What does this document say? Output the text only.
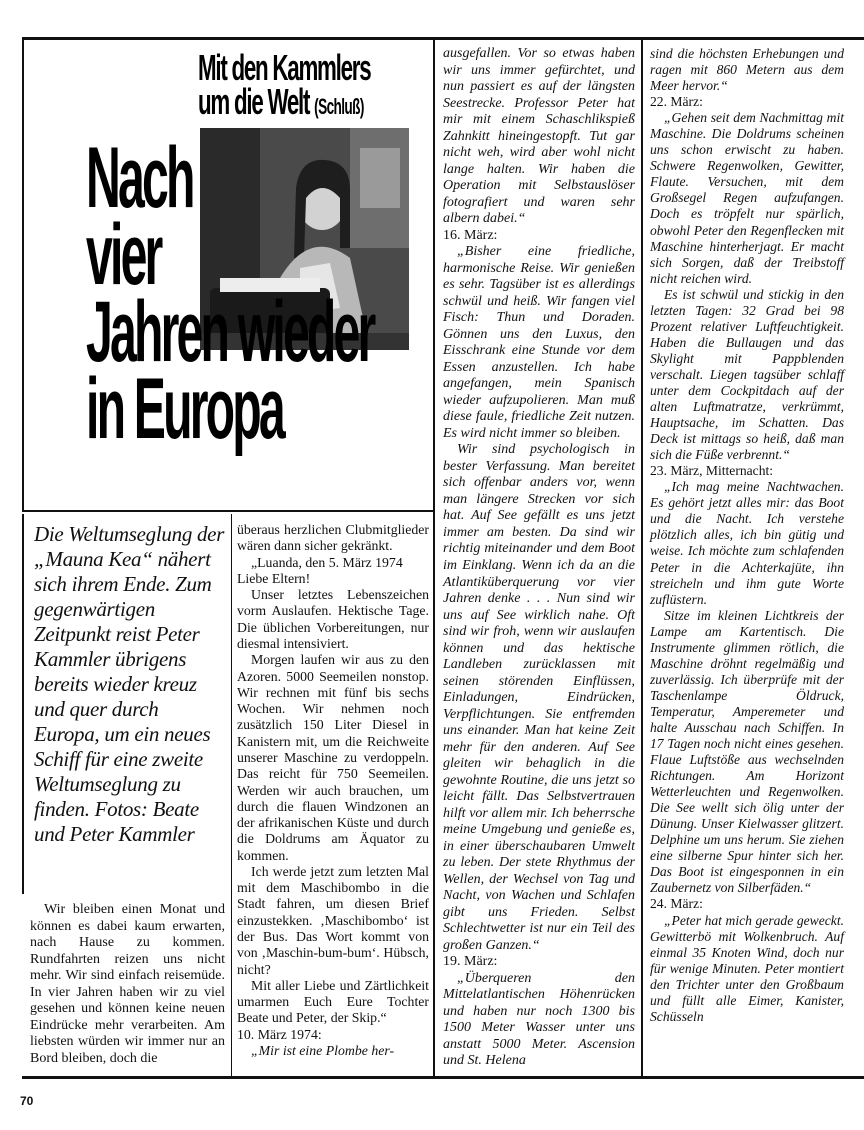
Mit den Kammlers
um die Welt (Schluß)
Nach
vier
Jahren wieder
in Europa

Die Weltumseglung der „Mauna Kea“ nähert sich ihrem Ende. Zum gegenwärtigen Zeitpunkt reist Peter Kammler übrigens bereits wieder kreuz und quer durch Europa, um ein neues Schiff für eine zweite Weltumseglung zu finden. Fotos: Beate und Peter Kammler

Wir bleiben einen Monat und können es dabei kaum erwarten, nach Hause zu kommen. Rundfahrten reizen uns nicht mehr. Wir sind einfach reisemüde. In vier Jahren haben wir zu viel gesehen und können keine neuen Eindrücke mehr verarbeiten. Am liebsten würden wir immer nur an Bord bleiben, doch die

überaus herzlichen Clubmitglieder wären dann sicher gekränkt.

„Luanda, den 5. März 1974

Liebe Eltern!

Unser letztes Lebenszeichen vorm Auslaufen. Hektische Tage. Die üblichen Vorbereitungen, nur diesmal intensiviert.

Morgen laufen wir aus zu den Azoren. 5000 Seemeilen nonstop. Wir rechnen mit fünf bis sechs Wochen. Wir nehmen noch zusätzlich 150 Liter Diesel in Kanistern mit, um die Reichweite unserer Maschine zu verdoppeln. Das reicht für 750 Seemeilen. Werden wir auch brauchen, um durch die flauen Windzonen an der afrikanischen Küste und durch die Doldrums am Äquator zu kommen.

Ich werde jetzt zum letzten Mal mit dem Maschibombo in die Stadt fahren, um diesen Brief einzustekken. ‚Maschibombo‘ ist der Bus. Das Wort kommt von von ‚Maschin-bum-bum‘. Hübsch, nicht?

Mit aller Liebe und Zärtlichkeit umarmen Euch Eure Tochter Beate und Peter, der Skip.“

10. März 1974:

„Mir ist eine Plombe her-

ausgefallen. Vor so etwas haben wir uns immer gefürchtet, und nun passiert es auf der längsten Seestrecke. Professor Peter hat mir mit einem Schaschlikspieß Zahnkitt hineingestopft. Tut gar nicht weh, wird aber wohl nicht lange halten. Wir haben die Operation mit Selbstauslöser fotografiert und waren sehr albern dabei.“

16. März:

„Bisher eine friedliche, harmonische Reise. Wir genießen es sehr. Tagsüber ist es allerdings schwül und heiß. Wir fangen viel Fisch: Thun und Doraden. Gönnen uns den Luxus, den Eisschrank eine Stunde vor dem Essen anzustellen. Ich habe angefangen, mein Spanisch wieder aufzupolieren. Man muß diese faule, friedliche Zeit nutzen. Es wird nicht immer so bleiben.

Wir sind psychologisch in bester Verfassung. Man bereitet sich offenbar anders vor, wenn man längere Strecken vor sich hat. Auf See gefällt es uns jetzt immer am besten. Da sind wir richtig miteinander und dem Boot im Einklang. Wenn ich da an die Atlantiküberquerung vor vier Jahren denke . . . Nun sind wir uns auf See wirklich nahe. Oft sind wir froh, wenn wir auslaufen können und das hektische Landleben zurücklassen mit seinen störenden Einflüssen, Einladungen, Eindrücken, Verpflichtungen. Sie entfremden uns einander. Man hat keine Zeit mehr für den anderen. Auf See gleiten wir behaglich in die gewohnte Routine, die uns jetzt so leicht fällt. Das Selbstvertrauen hilft vor allem mir. Ich beherrsche meine Umgebung und genieße es, in einer überschaubaren Umwelt zu leben. Der stete Rhythmus der Wellen, der Wechsel von Tag und Nacht, von Wachen und Schlafen gibt uns Frieden. Selbst Schlechtwetter ist nur ein Teil des großen Ganzen.“

19. März:

„Überqueren den Mittelatlantischen Höhenrücken und haben nur noch 1300 bis 1500 Meter Wasser unter uns anstatt 5000 Meter. Ascension und St. Helena

sind die höchsten Erhebungen und ragen mit 860 Metern aus dem Meer hervor.“

22. März:

„Gehen seit dem Nachmittag mit Maschine. Die Doldrums scheinen uns schon erwischt zu haben. Schwere Regenwolken, Gewitter, Flaute. Versuchen, mit dem Großsegel Regen aufzufangen. Doch es tröpfelt nur spärlich, obwohl Peter den Regenflecken mit Maschine hinterherjagt. Er macht sich Sorgen, daß der Treibstoff nicht reichen wird.

Es ist schwül und stickig in den letzten Tagen: 32 Grad bei 98 Prozent relativer Luftfeuchtigkeit. Haben die Bullaugen und das Skylight mit Pappblenden verschalt. Liegen tagsüber schlaff unter dem Cockpitdach auf der alten Luftmatratze, verkrümmt, Hauptsache, im Schatten. Das Deck ist mittags so heiß, daß man sich die Füße verbrennt.“

23. März, Mitternacht:

„Ich mag meine Nachtwachen. Es gehört jetzt alles mir: das Boot und die Nacht. Ich verstehe plötzlich alles, ich bin gütig und weise. Ich möchte zum schlafenden Peter in die Achterkajüte, ihn streicheln und ihm gute Worte zuflüstern.

Sitze im kleinen Lichtkreis der Lampe am Kartentisch. Die Instrumente glimmen rötlich, die Maschine dröhnt regelmäßig und zuverlässig. Ich überprüfe mit der Taschenlampe Öldruck, Temperatur, Amperemeter und halte Ausschau nach Schiffen. In 17 Tagen noch nicht eines gesehen. Flaue Luftstöße aus wechselnden Richtungen. Am Horizont Wetterleuchten und Regenwolken. Die See wellt sich ölig unter der Dünung. Unser Kielwasser glitzert. Delphine um uns herum. Sie ziehen eine silberne Spur hinter sich her. Das Boot ist eingesponnen in ein Zaubernetz von Silberfäden.“

24. März:

„Peter hat mich gerade geweckt. Gewitterbö mit Wolkenbruch. Auf einmal 35 Knoten Wind, doch nur für wenige Minuten. Peter montiert den Trichter unter den Großbaum und füllt alle Eimer, Kanister, Schüsseln

70
